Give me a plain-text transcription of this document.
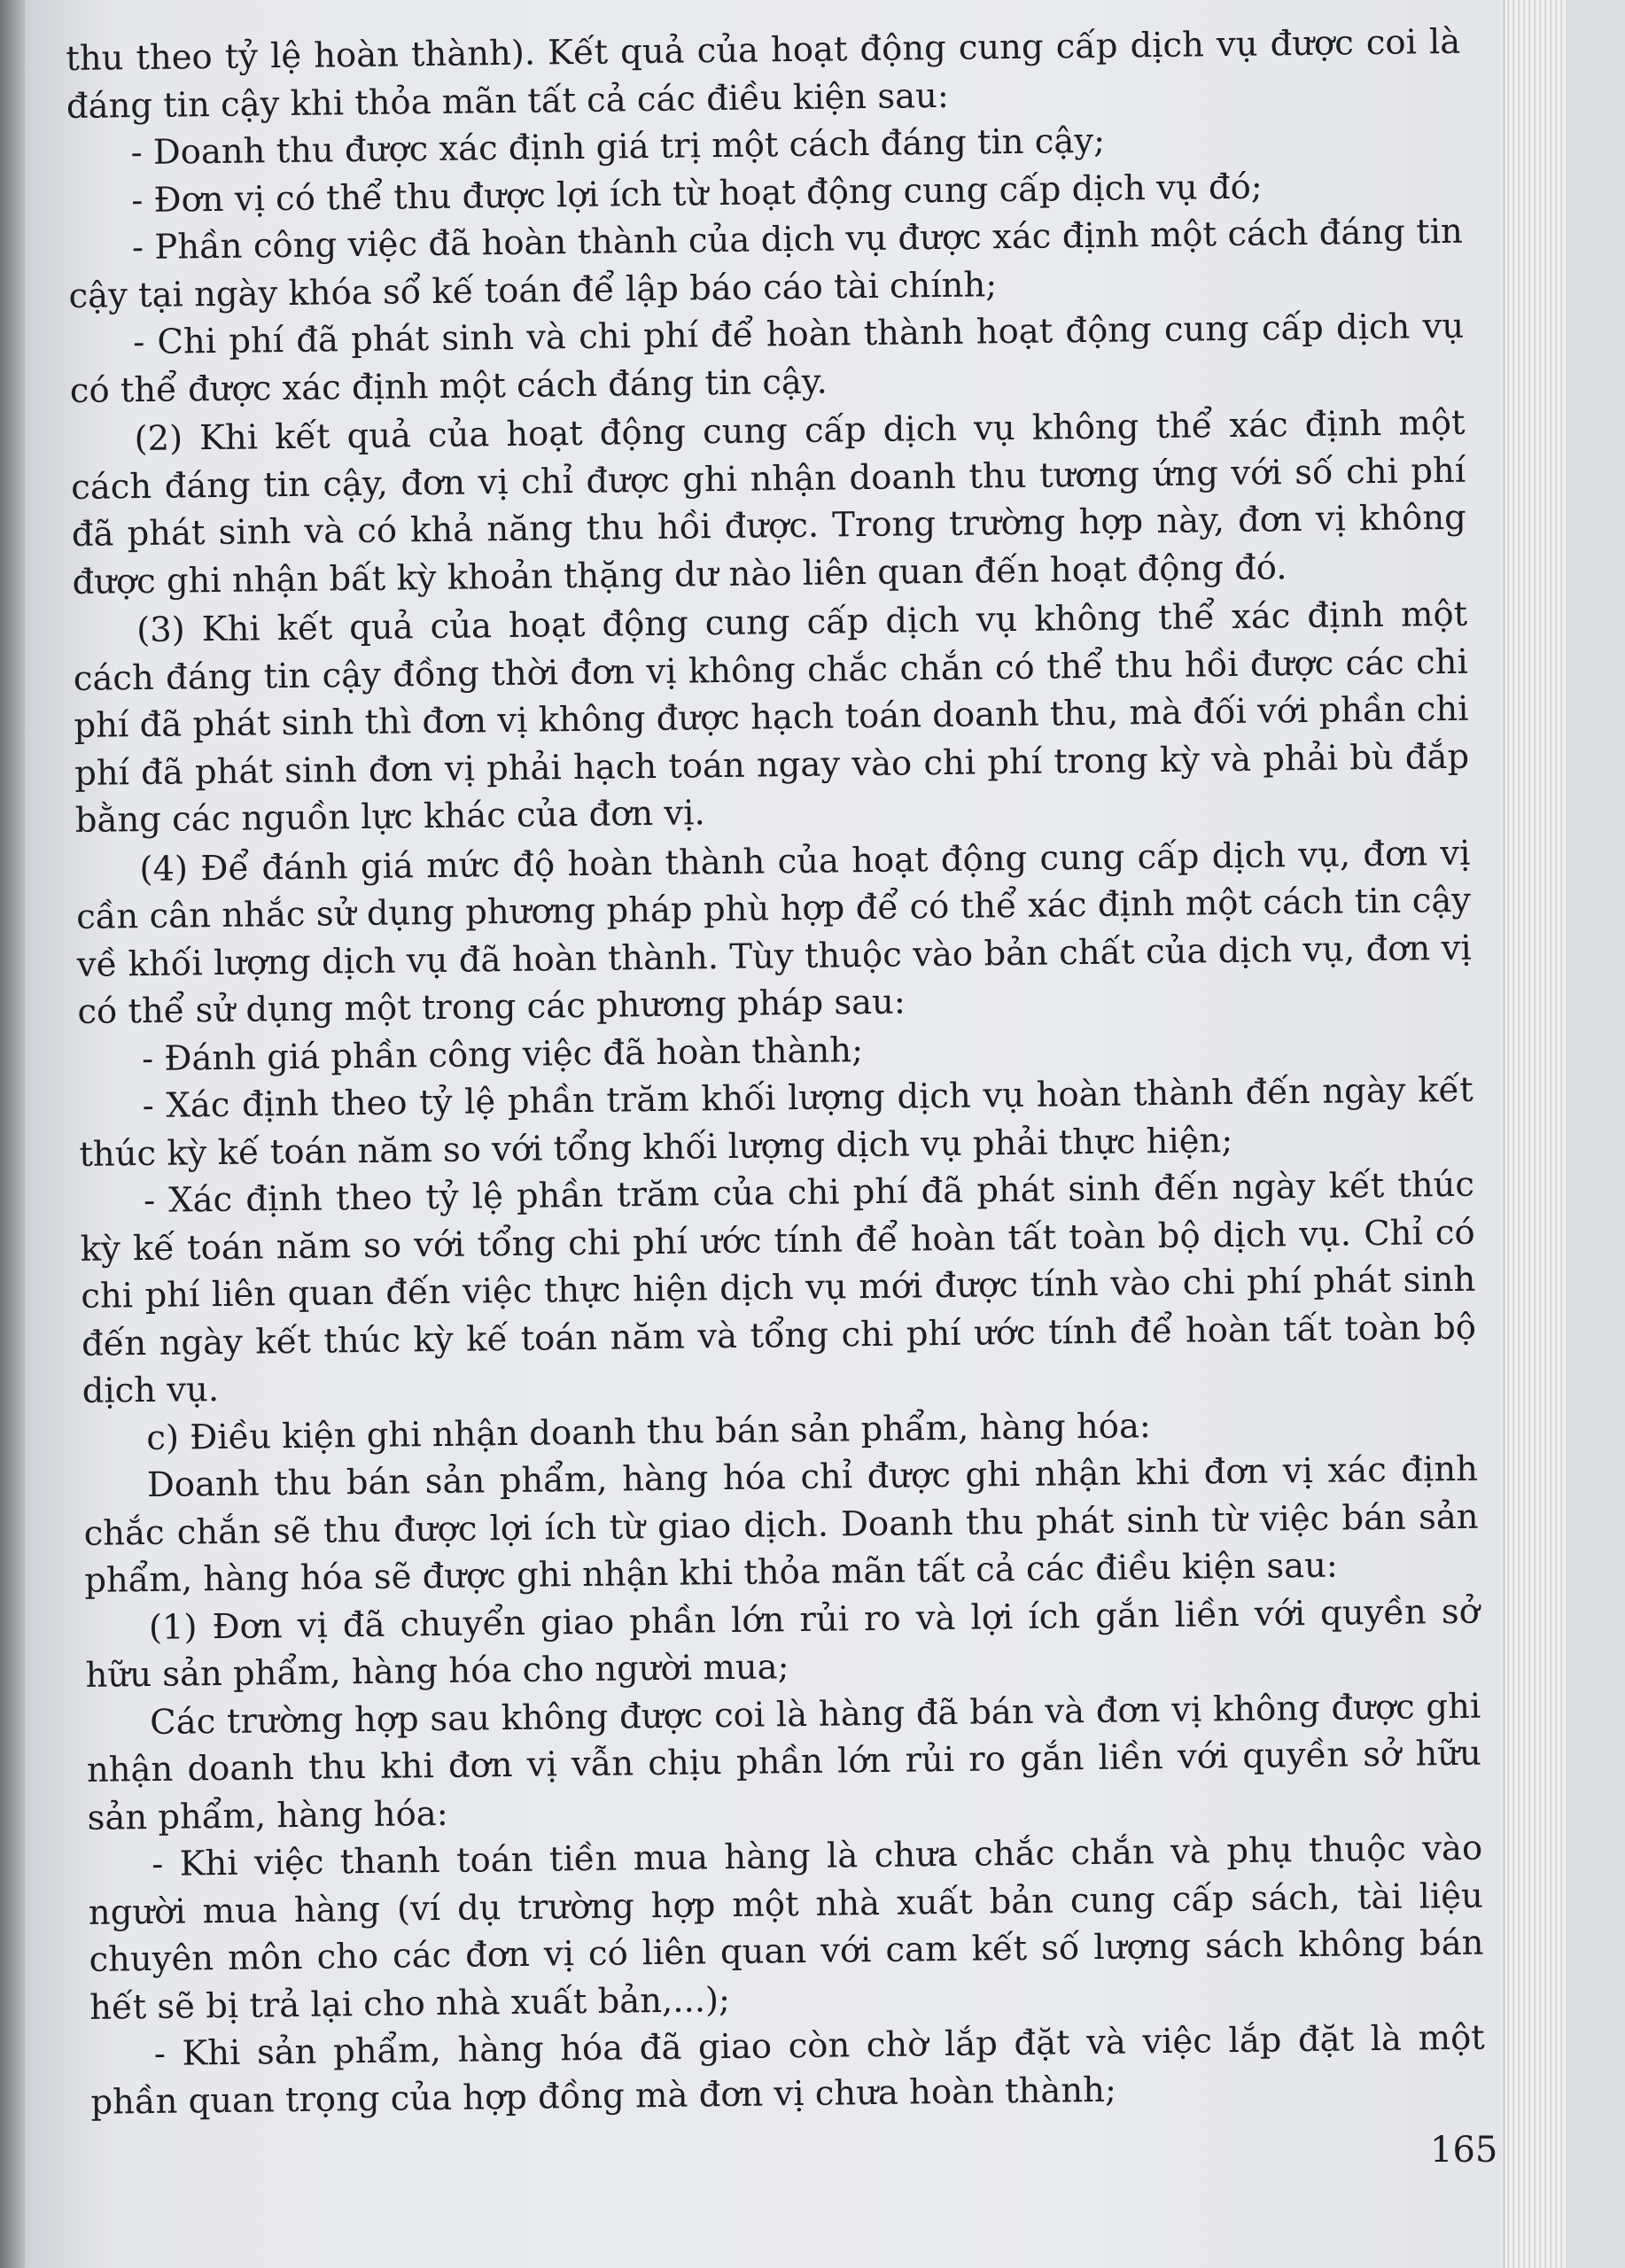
thu theo tỷ lệ hoàn thành). Kết quả của hoạt động cung cấp dịch vụ được coi là đáng tin cậy khi thỏa mãn tất cả các điều kiện sau:

- Doanh thu được xác định giá trị một cách đáng tin cậy;

- Đơn vị có thể thu được lợi ích từ hoạt động cung cấp dịch vụ đó;

- Phần công việc đã hoàn thành của dịch vụ được xác định một cách đáng tin cậy tại ngày khóa sổ kế toán để lập báo cáo tài chính;

- Chi phí đã phát sinh và chi phí để hoàn thành hoạt động cung cấp dịch vụ có thể được xác định một cách đáng tin cậy.

(2) Khi kết quả của hoạt động cung cấp dịch vụ không thể xác định một cách đáng tin cậy, đơn vị chỉ được ghi nhận doanh thu tương ứng với số chi phí đã phát sinh và có khả năng thu hồi được. Trong trường hợp này, đơn vị không được ghi nhận bất kỳ khoản thặng dư nào liên quan đến hoạt động đó.

(3) Khi kết quả của hoạt động cung cấp dịch vụ không thể xác định một cách đáng tin cậy đồng thời đơn vị không chắc chắn có thể thu hồi được các chi phí đã phát sinh thì đơn vị không được hạch toán doanh thu, mà đối với phần chi phí đã phát sinh đơn vị phải hạch toán ngay vào chi phí trong kỳ và phải bù đắp bằng các nguồn lực khác của đơn vị.

(4) Để đánh giá mức độ hoàn thành của hoạt động cung cấp dịch vụ, đơn vị cần cân nhắc sử dụng phương pháp phù hợp để có thể xác định một cách tin cậy về khối lượng dịch vụ đã hoàn thành. Tùy thuộc vào bản chất của dịch vụ, đơn vị có thể sử dụng một trong các phương pháp sau:

- Đánh giá phần công việc đã hoàn thành;

- Xác định theo tỷ lệ phần trăm khối lượng dịch vụ hoàn thành đến ngày kết thúc kỳ kế toán năm so với tổng khối lượng dịch vụ phải thực hiện;

- Xác định theo tỷ lệ phần trăm của chi phí đã phát sinh đến ngày kết thúc kỳ kế toán năm so với tổng chi phí ước tính để hoàn tất toàn bộ dịch vụ. Chỉ có chi phí liên quan đến việc thực hiện dịch vụ mới được tính vào chi phí phát sinh đến ngày kết thúc kỳ kế toán năm và tổng chi phí ước tính để hoàn tất toàn bộ dịch vụ.

c) Điều kiện ghi nhận doanh thu bán sản phẩm, hàng hóa:

Doanh thu bán sản phẩm, hàng hóa chỉ được ghi nhận khi đơn vị xác định chắc chắn sẽ thu được lợi ích từ giao dịch. Doanh thu phát sinh từ việc bán sản phẩm, hàng hóa sẽ được ghi nhận khi thỏa mãn tất cả các điều kiện sau:

(1) Đơn vị đã chuyển giao phần lớn rủi ro và lợi ích gắn liền với quyền sở hữu sản phẩm, hàng hóa cho người mua;

Các trường hợp sau không được coi là hàng đã bán và đơn vị không được ghi nhận doanh thu khi đơn vị vẫn chịu phần lớn rủi ro gắn liền với quyền sở hữu sản phẩm, hàng hóa:

- Khi việc thanh toán tiền mua hàng là chưa chắc chắn và phụ thuộc vào người mua hàng (ví dụ trường hợp một nhà xuất bản cung cấp sách, tài liệu chuyên môn cho các đơn vị có liên quan với cam kết số lượng sách không bán hết sẽ bị trả lại cho nhà xuất bản,...);

- Khi sản phẩm, hàng hóa đã giao còn chờ lắp đặt và việc lắp đặt là một phần quan trọng của hợp đồng mà đơn vị chưa hoàn thành;

165
